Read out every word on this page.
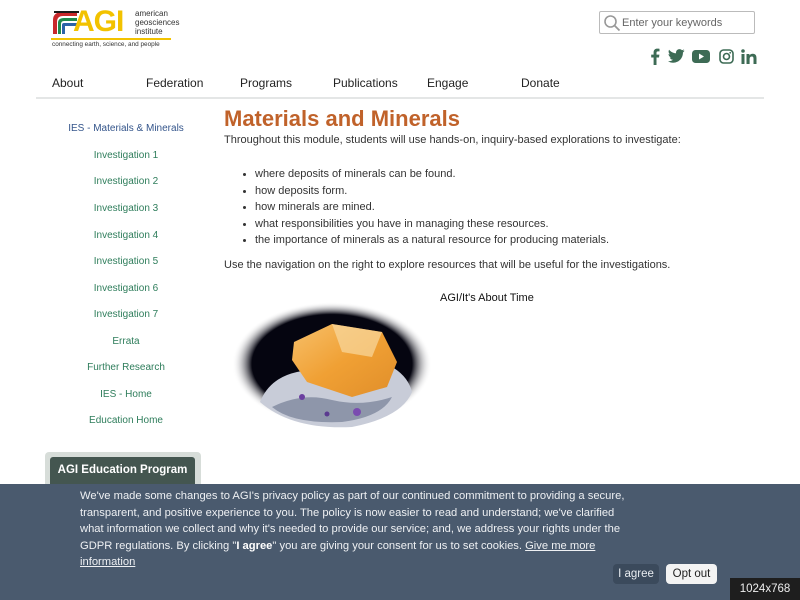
AGI american
geosciences
institute
connecting earth, science, and people
Enter your keywords
About	Federation	Programs	Publications Engage	Donate
IES - Materials & Minerals
Investigation 1
Investigation 2
Investigation 3
Investigation 4
Investigation 5
Investigation 6
Investigation 7
Errata
Further Research
IES - Home
Education Home
AGI Education Program
Materials and Minerals

Throughout this module, students will use hands-on, inquiry-based explorations to investigate:

where deposits of minerals can be found.
how deposits form.
how minerals are mined.
what responsibilities you have in managing these resources.
the importance of minerals as a natural resource for producing materials.

Use the navigation on the right to explore resources that will be useful for the investigations.

AGI/It's About Time

We've made some changes to AGI's privacy policy as part of our continued commitment to providing a secure, transparent, and positive experience to you. The policy is now easier to read and understand; we've clarified what information we collect and why it's needed to provide our service; and, we address your rights under the GDPR regulations. By clicking "I agree" you are giving your consent for us to set cookies. Give me more information

I agree	Opt out
1024x768
